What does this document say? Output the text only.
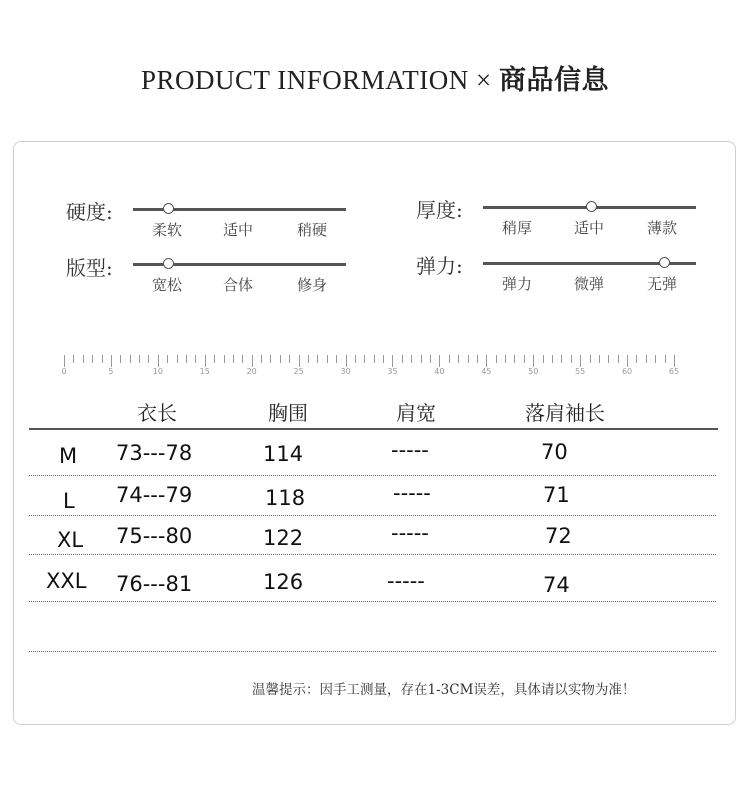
PRODUCT INFORMATION × 商品信息
硬度:
柔软	适中	稍硬
厚度:
稍厚	适中	薄款
版型:
宽松	合体	修身
弹力:
弹力	微弹	无弹
0	5	10	15	20	25	30	35	40	45	50	55	60	65
衣长	胸围	肩宽	落肩袖长
M 73---78	114	-----	70
L 74---79	118	-----	71
XL 75---80	122	-----	72
XXL 76---81	126	-----	74
温馨提示：因手工测量，存在1-3CM误差，具体请以实物为准！
